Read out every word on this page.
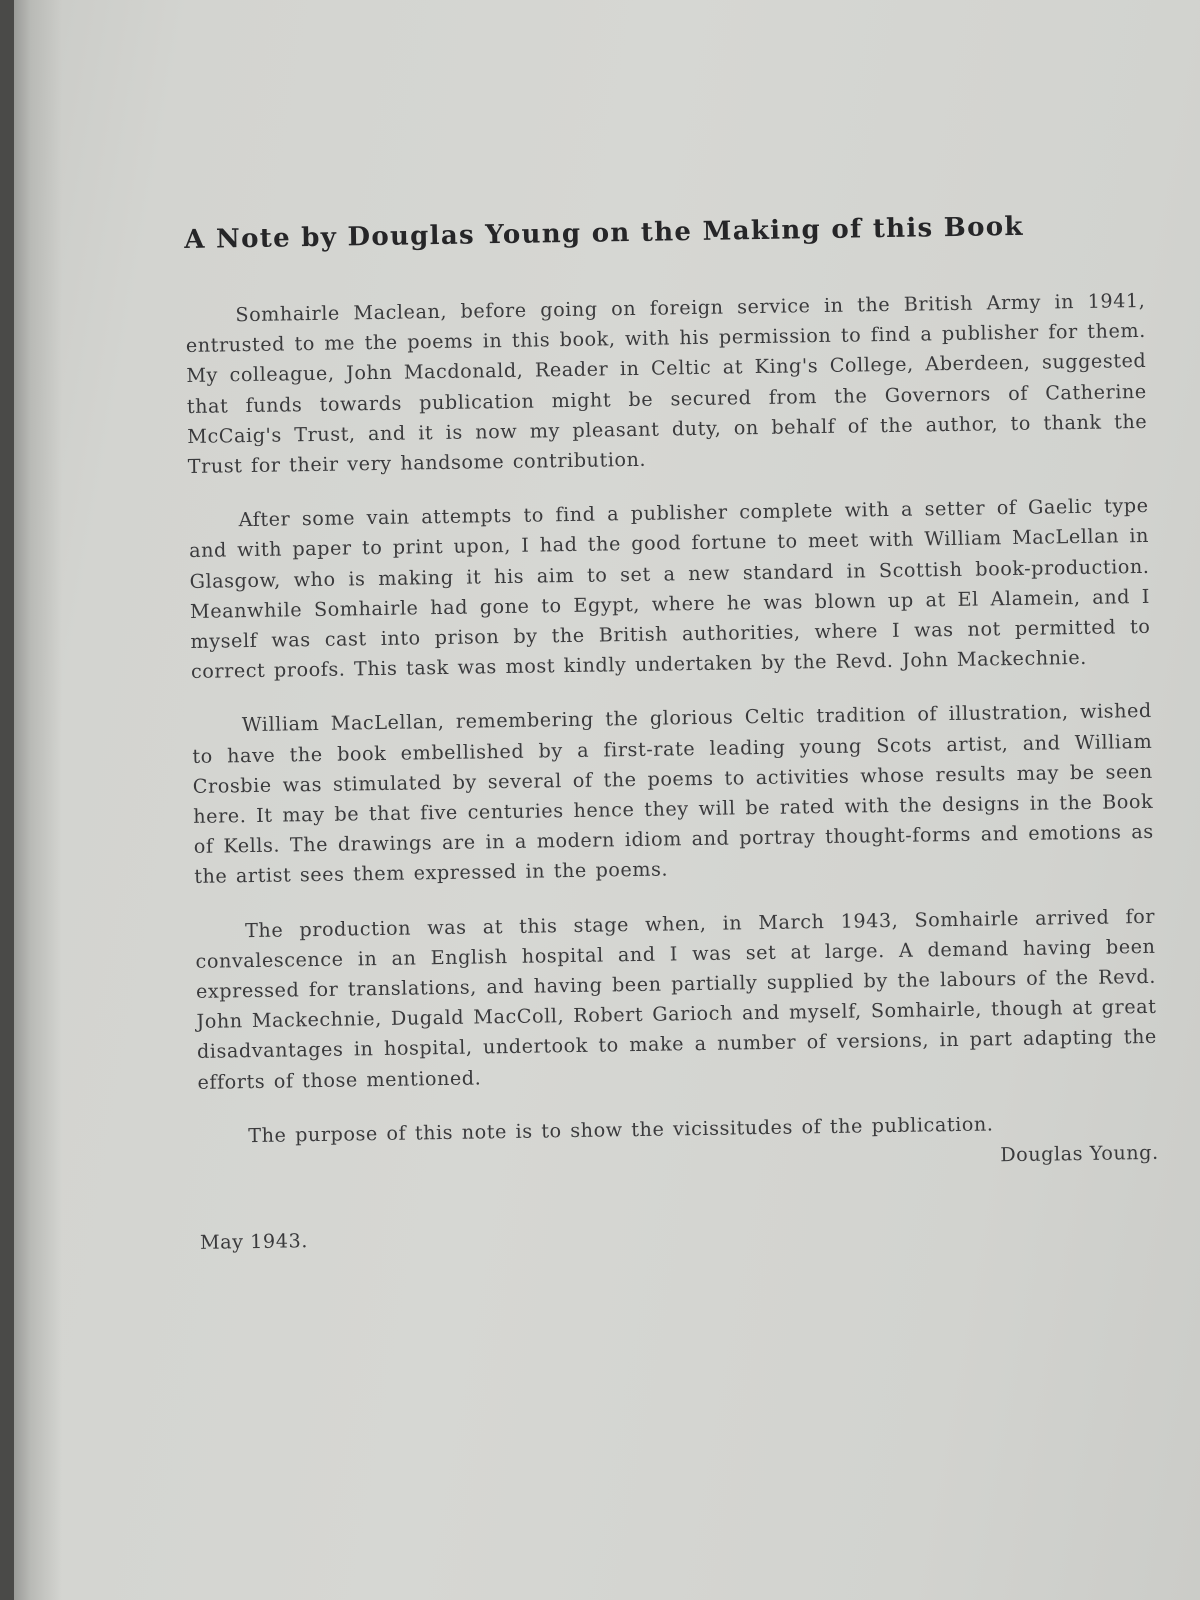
A Note by Douglas Young on the Making of this Book

Somhairle Maclean, before going on foreign service in the British Army in 1941, entrusted to me the poems in this book, with his permission to find a publisher for them. My colleague, John Macdonald, Reader in Celtic at King's College, Aberdeen, suggested that funds towards publication might be secured from the Governors of Catherine McCaig's Trust, and it is now my pleasant duty, on behalf of the author, to thank the Trust for their very handsome contribution.

After some vain attempts to find a publisher complete with a setter of Gaelic type and with paper to print upon, I had the good fortune to meet with William MacLellan in Glasgow, who is making it his aim to set a new standard in Scottish book-production. Meanwhile Somhairle had gone to Egypt, where he was blown up at El Alamein, and I myself was cast into prison by the British authorities, where I was not permitted to correct proofs. This task was most kindly undertaken by the Revd. John Mackechnie.

William MacLellan, remembering the glorious Celtic tradition of illustration, wished to have the book embellished by a first-rate leading young Scots artist, and William Crosbie was stimulated by several of the poems to activities whose results may be seen here. It may be that five centuries hence they will be rated with the designs in the Book of Kells. The drawings are in a modern idiom and portray thought-forms and emotions as the artist sees them expressed in the poems.

The production was at this stage when, in March 1943, Somhairle arrived for convalescence in an English hospital and I was set at large. A demand having been expressed for translations, and having been partially supplied by the labours of the Revd. John Mackechnie, Dugald MacColl, Robert Garioch and myself, Somhairle, though at great disadvantages in hospital, undertook to make a number of versions, in part adapting the efforts of those mentioned.

The purpose of this note is to show the vicissitudes of the publication.

Douglas Young.

May 1943.
